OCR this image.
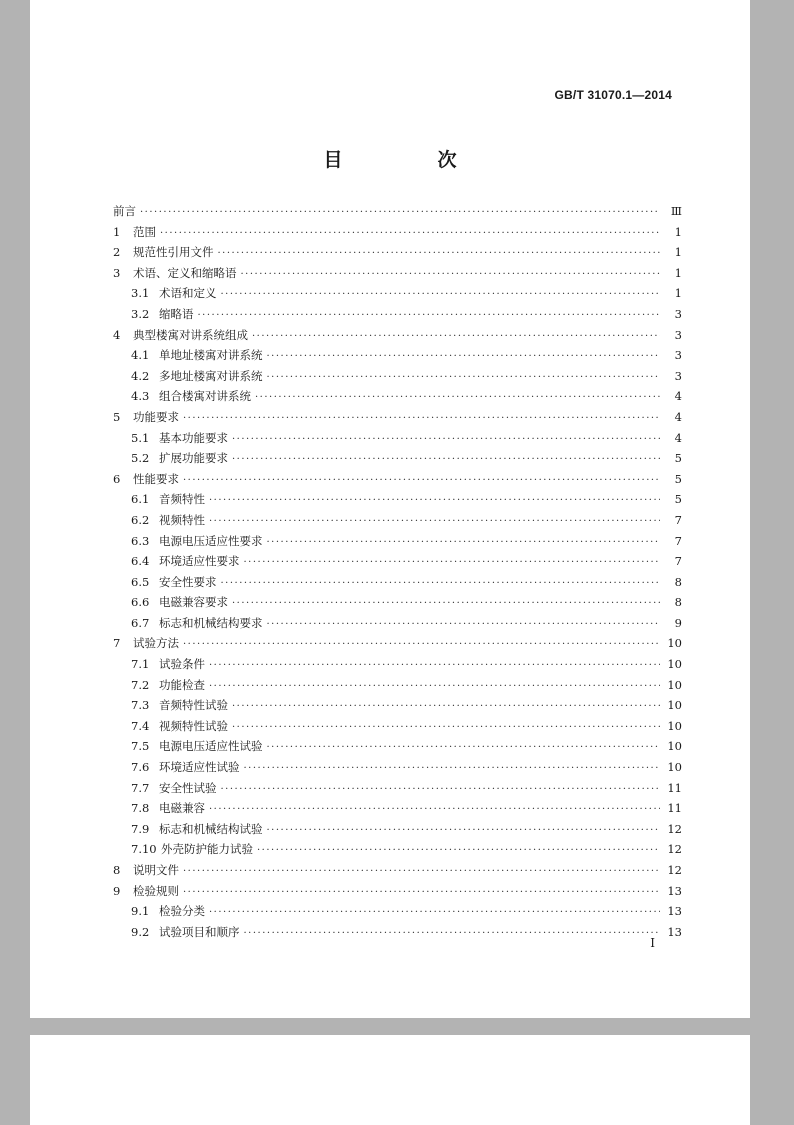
GB/T 31070.1—2014
目　次
前言 ·····	Ⅲ
1	范围 ·····	1
2	规范性引用文件 ·····	1
3	术语、定义和缩略语 ·····	1
3.1 术语和定义 ·····	1
3.2 缩略语 ·····	3
4	典型楼寓对讲系统组成 ·····	3
4.1 单地址楼寓对讲系统 ·····	3
4.2 多地址楼寓对讲系统 ·····	3
4.3 组合楼寓对讲系统 ·····	4
5	功能要求 ·····	4
5.1 基本功能要求 ·····	4
5.2 扩展功能要求 ·····	5
6	性能要求 ·····	5
6.1 音频特性 ·····	5
6.2 视频特性 ·····	7
6.3 电源电压适应性要求 ·····	7
6.4 环境适应性要求 ·····	7
6.5 安全性要求 ·····	8
6.6 电磁兼容要求 ·····	8
6.7 标志和机械结构要求 ·····	9
7	试验方法 ·····	10
7.1 试验条件 ·····	10
7.2 功能检查 ·····	10
7.3 音频特性试验 ·····	10
7.4 视频特性试验 ·····	10
7.5 电源电压适应性试验 ·····	10
7.6 环境适应性试验 ·····	10
7.7 安全性试验 ·····	11
7.8 电磁兼容 ·····	11
7.9 标志和机械结构试验 ·····	12
7.10 外壳防护能力试验 ·····	12
8	说明文件 ·····	12
9	检验规则 ·····	13
9.1 检验分类 ·····	13
9.2 试验项目和顺序 ·····	13
Ⅰ
